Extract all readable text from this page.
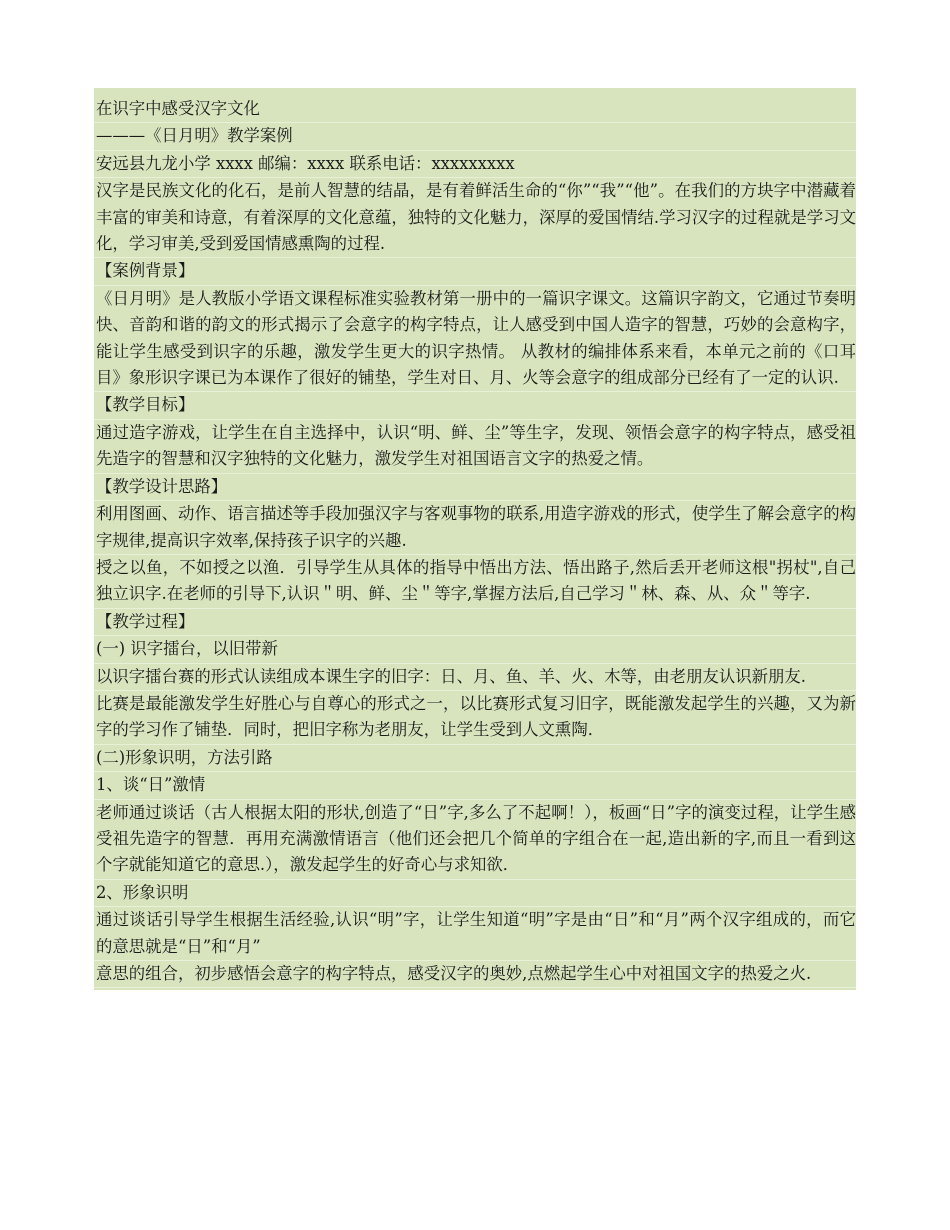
在识字中感受汉字文化

———《日月明》教学案例

安远县九龙小学 xxxx 邮编：xxxx 联系电话：xxxxxxxxx

汉字是民族文化的化石，是前人智慧的结晶，是有着鲜活生命的“你”“我”“他”。在我们的方块字中潜藏着丰富的审美和诗意，有着深厚的文化意蕴，独特的文化魅力，深厚的爱国情结.学习汉字的过程就是学习文化，学习审美,受到爱国情感熏陶的过程.

【案例背景】

《日月明》是人教版小学语文课程标准实验教材第一册中的一篇识字课文。这篇识字韵文，它通过节奏明快、音韵和谐的韵文的形式揭示了会意字的构字特点，让人感受到中国人造字的智慧，巧妙的会意构字，能让学生感受到识字的乐趣，激发学生更大的识字热情。 从教材的编排体系来看，本单元之前的《口耳目》象形识字课已为本课作了很好的铺垫，学生对日、月、火等会意字的组成部分已经有了一定的认识.

【教学目标】

通过造字游戏，让学生在自主选择中，认识“明、鲜、尘”等生字，发现、领悟会意字的构字特点，感受祖先造字的智慧和汉字独特的文化魅力，激发学生对祖国语言文字的热爱之情。

【教学设计思路】

利用图画、动作、语言描述等手段加强汉字与客观事物的联系,用造字游戏的形式，使学生了解会意字的构字规律,提高识字效率,保持孩子识字的兴趣.

授之以鱼，不如授之以渔．引导学生从具体的指导中悟出方法、悟出路子,然后丢开老师这根"拐杖",自己独立识字.在老师的引导下,认识＂明、鲜、尘＂等字,掌握方法后,自己学习＂林、森、从、众＂等字.

【教学过程】

(一) 识字擂台，以旧带新

以识字擂台赛的形式认读组成本课生字的旧字：日、月、鱼、羊、火、木等，由老朋友认识新朋友.

比赛是最能激发学生好胜心与自尊心的形式之一，以比赛形式复习旧字，既能激发起学生的兴趣，又为新字的学习作了铺垫．同时，把旧字称为老朋友，让学生受到人文熏陶．

(二)形象识明，方法引路

1、谈“日”激情

老师通过谈话（古人根据太阳的形状,创造了“日”字,多么了不起啊！），板画“日”字的演变过程，让学生感受祖先造字的智慧．再用充满激情语言（他们还会把几个简单的字组合在一起,造出新的字,而且一看到这个字就能知道它的意思.），激发起学生的好奇心与求知欲．

2、形象识明

通过谈话引导学生根据生活经验,认识“明”字，让学生知道“明”字是由“日”和“月”两个汉字组成的，而它的意思就是“日”和“月”

意思的组合，初步感悟会意字的构字特点，感受汉字的奥妙,点燃起学生心中对祖国文字的热爱之火.
